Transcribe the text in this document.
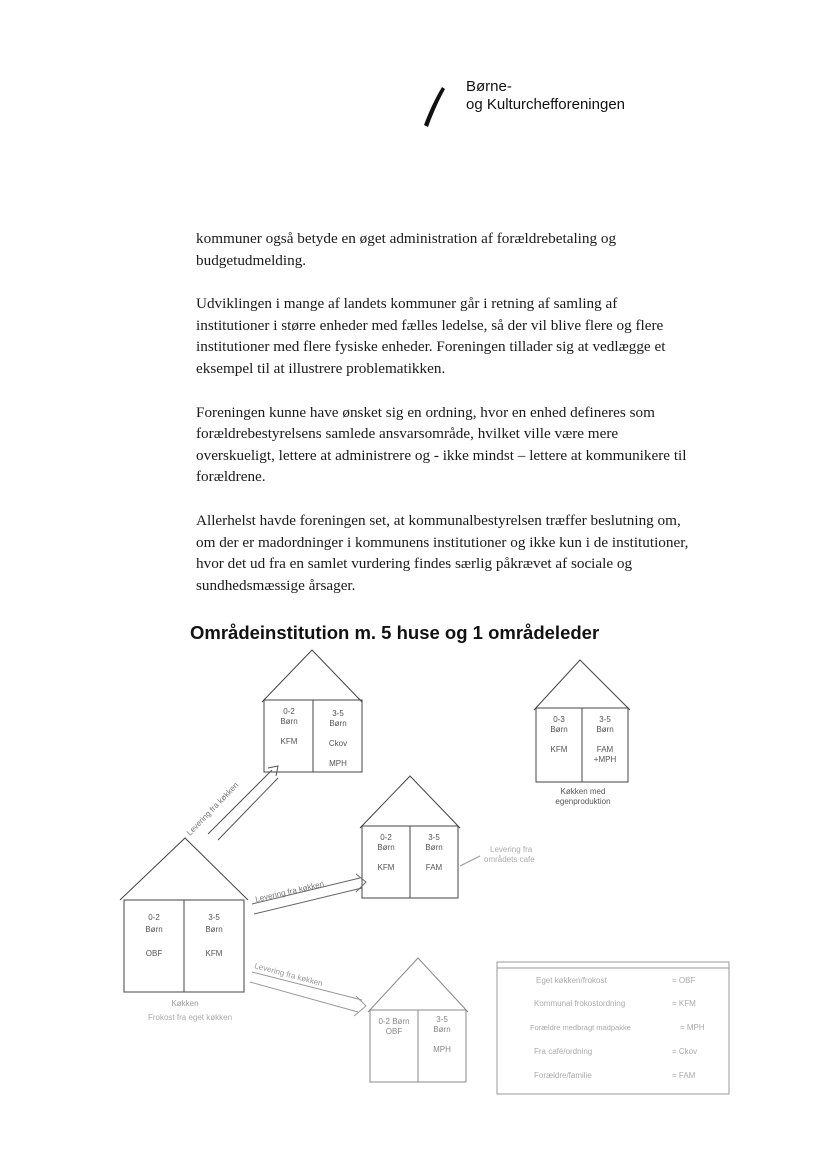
Børne-
og Kulturchefforeningen

kommuner også betyde en øget administration af forældrebetaling og
budgetudmelding.

Udviklingen i mange af landets kommuner går i retning af samling af
institutioner i større enheder med fælles ledelse, så der vil blive flere og flere
institutioner med flere fysiske enheder. Foreningen tillader sig at vedlægge et
eksempel til at illustrere problematikken.

Foreningen kunne have ønsket sig en ordning, hvor en enhed defineres som
forældrebestyrelsens samlede ansvarsområde, hvilket ville være mere
overskueligt, lettere at administrere og - ikke mindst – lettere at kommunikere til
forældrene.

Allerhelst havde foreningen set, at kommunalbestyrelsen træffer beslutning om,
om der er madordninger i kommunens institutioner og ikke kun i de institutioner,
hvor det ud fra en samlet vurdering findes særlig påkrævet af sociale og
sundhedsmæssige årsager.

Områdeinstitution m. 5 huse og 1 områdeleder
0-2
Børn
KFM
3-5
Børn
Ckov
MPH
0-3
Børn
KFM
3-5
Børn
FAM
+MPH
Køkken med
egenproduktion
0-2
Børn
KFM
3-5
Børn
FAM
0-2
Børn
OBF
3-5
Børn
KFM
Køkken
Frokost fra eget køkken	0-2 Børn
OBF
3-5
Børn
MPH
Levering fra køkken
Levering fra køkken
Levering fra køkken
Levering fra
områdets cafe
Eget køkken/frokost	= OBF
Kommunal frokostordning	= KFM
Forældre medbragt madpakke	= MPH
Fra café/ordning	= Ckov
Forældre/familie	= FAM
